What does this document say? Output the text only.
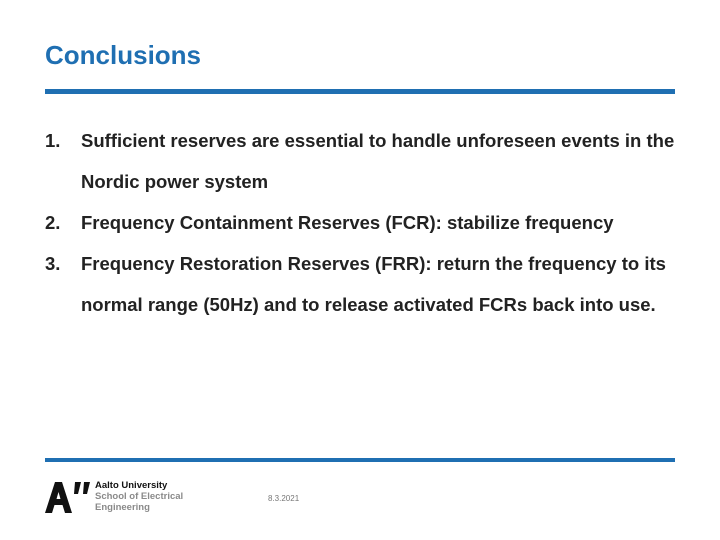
Conclusions
1. Sufficient reserves are essential to handle unforeseen events in the Nordic power system
2. Frequency Containment Reserves (FCR): stabilize frequency
3. Frequency Restoration Reserves (FRR): return the frequency to its normal range (50Hz) and to release activated FCRs back into use.
Aalto University
School of Electrical
Engineering
8.3.2021
